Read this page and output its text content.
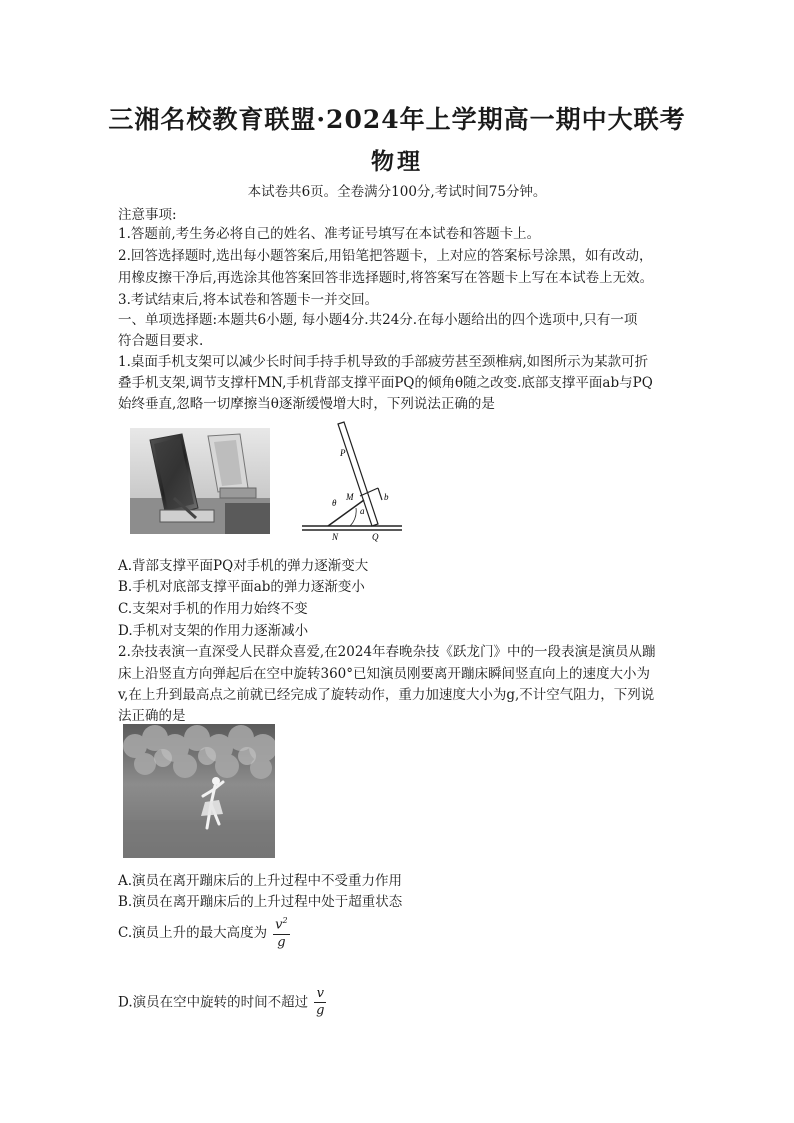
三湘名校教育联盟·2024年上学期高一期中大联考
物理
本试卷共6页。全卷满分100分,考试时间75分钟。
注意事项:
1.答题前,考生务必将自己的姓名、准考证号填写在本试卷和答题卡上。
2.回答选择题时,选出每小题答案后,用铅笔把答题卡，上对应的答案标号涂黑，如有改动，
用橡皮擦干净后,再选涂其他答案回答非选择题时,将答案写在答题卡上写在本试卷上无效。
3.考试结束后,将本试卷和答题卡一并交回。
一、单项选择题:本题共6小题, 每小题4分.共24分.在每小题给出的四个选项中,只有一项
符合题目要求.
1.桌面手机支架可以减少长时间手持手机导致的手部疲劳甚至颈椎病,如图所示为某款可折
叠手机支架,调节支撑杆MN,手机背部支撑平面PQ的倾角θ随之改变.底部支撑平面ab与PQ
始终垂直,忽略一切摩擦当θ逐渐缓慢增大时，下列说法正确的是
P
M
θ
a
b
N	Q
A.背部支撑平面PQ对手机的弹力逐渐变大
B.手机对底部支撑平面ab的弹力逐渐变小
C.支架对手机的作用力始终不变
D.手机对支架的作用力逐渐减小
2.杂技表演一直深受人民群众喜爱,在2024年春晚杂技《跃龙门》中的一段表演是演员从蹦
床上沿竖直方向弹起后在空中旋转360°已知演员刚要离开蹦床瞬间竖直向上的速度大小为
v,在上升到最高点之前就已经完成了旋转动作，重力加速度大小为g,不计空气阻力，下列说
法正确的是
A.演员在离开蹦床后的上升过程中不受重力作用
B.演员在离开蹦床后的上升过程中处于超重状态
C.演员上升的最大高度为 $\frac{v^2}{g}$
D.演员在空中旋转的时间不超过 $\frac{v}{g}$
